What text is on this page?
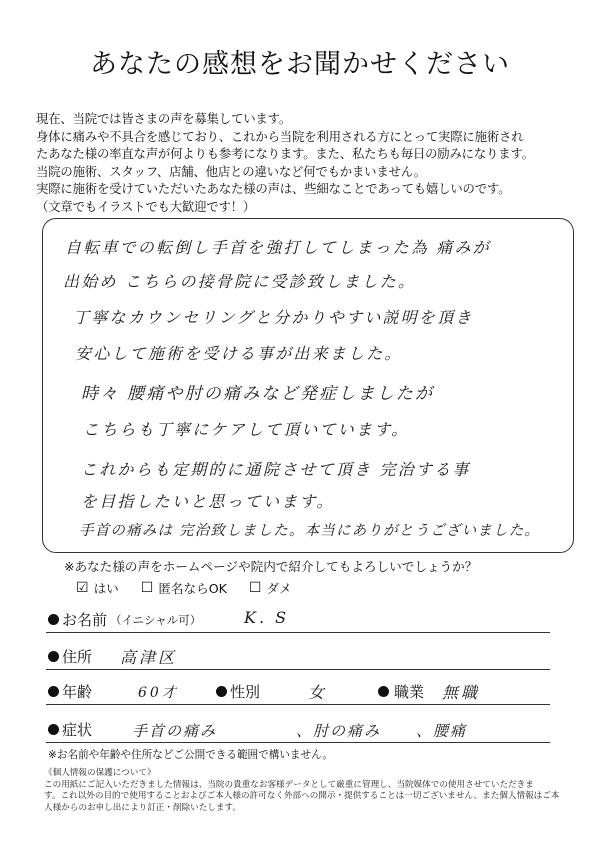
あなたの感想をお聞かせください
現在、当院では皆さまの声を募集しています。
身体に痛みや不具合を感じており、これから当院を利用される方にとって実際に施術され
たあなた様の率直な声が何よりも参考になります。また、私たちも毎日の励みになります。
当院の施術、スタッフ、店舗、他店との違いなど何でもかまいません。
実際に施術を受けていただいたあなた様の声は、些細なことであっても嬉しいのです。
（文章でもイラストでも大歓迎です！）
自転車での転倒し手首を強打してしまった為 痛みが
出始め こちらの接骨院に受診致しました。
丁寧なカウンセリングと分かりやすい説明を頂き
安心して施術を受ける事が出来ました。
時々 腰痛や肘の痛みなど発症しましたが
こちらも丁寧にケアして頂いています。
これからも定期的に通院させて頂き 完治する事
を目指したいと思っています。
手首の痛みは 完治致しました。本当にありがとうございました。
※あなた様の声をホームページや院内で紹介してもよろしいでしょうか？
☑ はい ☐ 匿名ならOK ☐ ダメ
お名前 （イニシャル可）	K. S
住所 高津区
年齢	60才	性別	女	職業 無職
症状	手首の痛み	、肘の痛み 、腰痛
※お名前や年齢や住所などご公開できる範囲で構いません。
《個人情報の保護について》
この用紙にご記入いただきました情報は、当院の貴重なお客様データとして厳重に管理し、当院媒体での使用させていただきま
す。これ以外の目的で使用することおよびご本人様の許可なく外部への開示・提供することは一切ございません。また個人情報はご本
人様からのお申し出により訂正・削除いたします。
